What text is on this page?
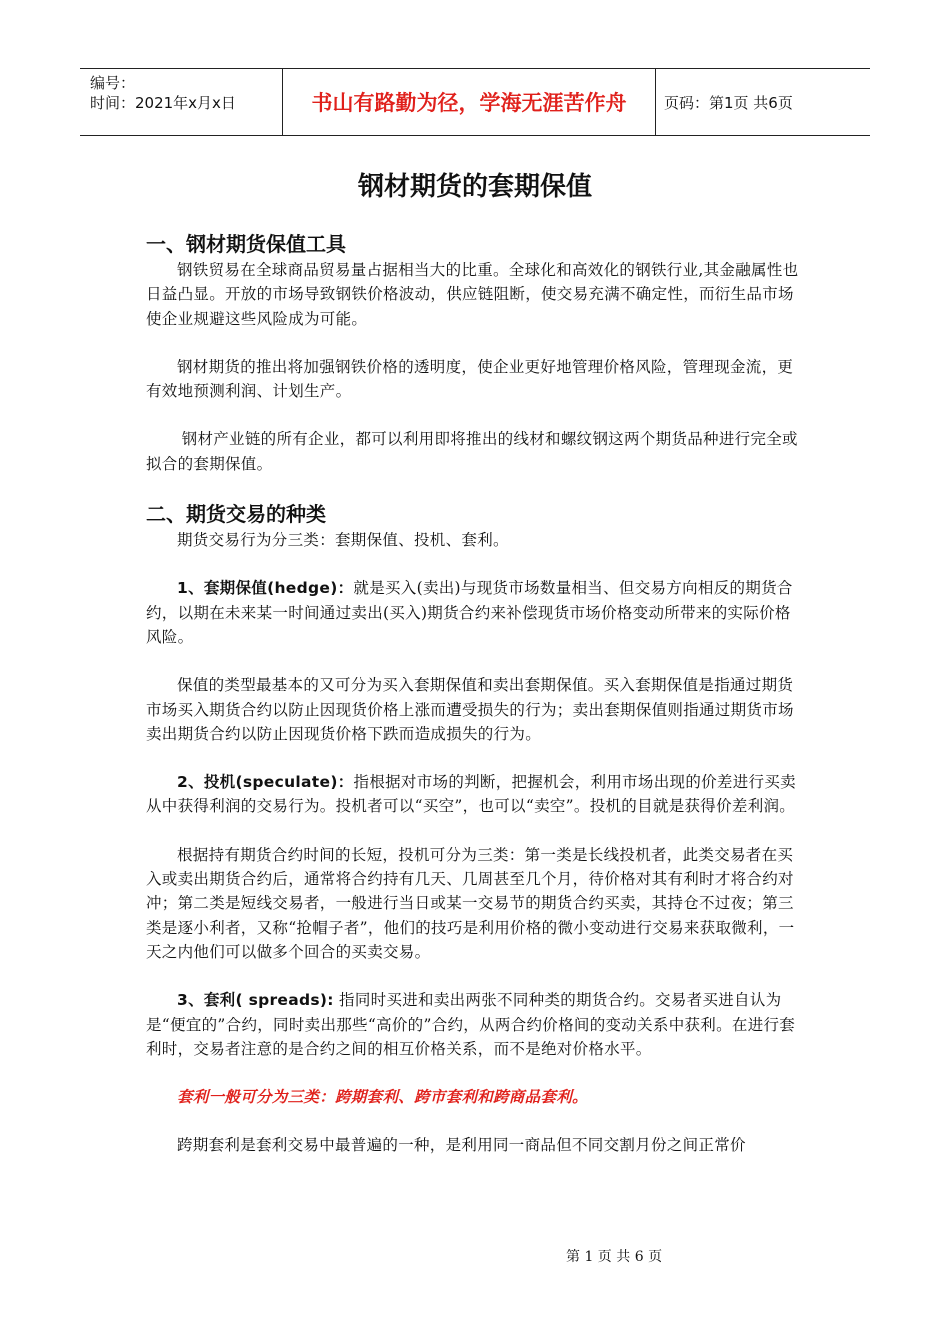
编号：
时间：2021年x月x日	书山有路勤为径，学海无涯苦作舟	页码：第1页 共6页
钢材期货的套期保值
一、钢材期货保值工具

钢铁贸易在全球商品贸易量占据相当大的比重。全球化和高效化的钢铁行业,其金融属性也日益凸显。开放的市场导致钢铁价格波动，供应链阻断，使交易充满不确定性，而衍生品市场使企业规避这些风险成为可能。

钢材期货的推出将加强钢铁价格的透明度，使企业更好地管理价格风险，管理现金流，更有效地预测利润、计划生产。

钢材产业链的所有企业，都可以利用即将推出的线材和螺纹钢这两个期货品种进行完全或拟合的套期保值。

二、期货交易的种类

期货交易行为分三类：套期保值、投机、套利。

1、套期保值(hedge)：就是买入(卖出)与现货市场数量相当、但交易方向相反的期货合约，以期在未来某一时间通过卖出(买入)期货合约来补偿现货市场价格变动所带来的实际价格风险。

保值的类型最基本的又可分为买入套期保值和卖出套期保值。买入套期保值是指通过期货市场买入期货合约以防止因现货价格上涨而遭受损失的行为；卖出套期保值则指通过期货市场卖出期货合约以防止因现货价格下跌而造成损失的行为。

2、投机(speculate)：指根据对市场的判断，把握机会，利用市场出现的价差进行买卖从中获得利润的交易行为。投机者可以“买空”，也可以“卖空”。投机的目就是获得价差利润。

根据持有期货合约时间的长短，投机可分为三类：第一类是长线投机者，此类交易者在买入或卖出期货合约后，通常将合约持有几天、几周甚至几个月，待价格对其有利时才将合约对冲；第二类是短线交易者，一般进行当日或某一交易节的期货合约买卖，其持仓不过夜；第三类是逐小利者，又称“抢帽子者”，他们的技巧是利用价格的微小变动进行交易来获取微利，一天之内他们可以做多个回合的买卖交易。

3、套利( spreads): 指同时买进和卖出两张不同种类的期货合约。交易者买进自认为是“便宜的”合约，同时卖出那些“高价的”合约，从两合约价格间的变动关系中获利。在进行套利时，交易者注意的是合约之间的相互价格关系，而不是绝对价格水平。

套利一般可分为三类：跨期套利、跨市套利和跨商品套利。

跨期套利是套利交易中最普遍的一种，是利用同一商品但不同交割月份之间正常价

第 1 页 共 6 页
